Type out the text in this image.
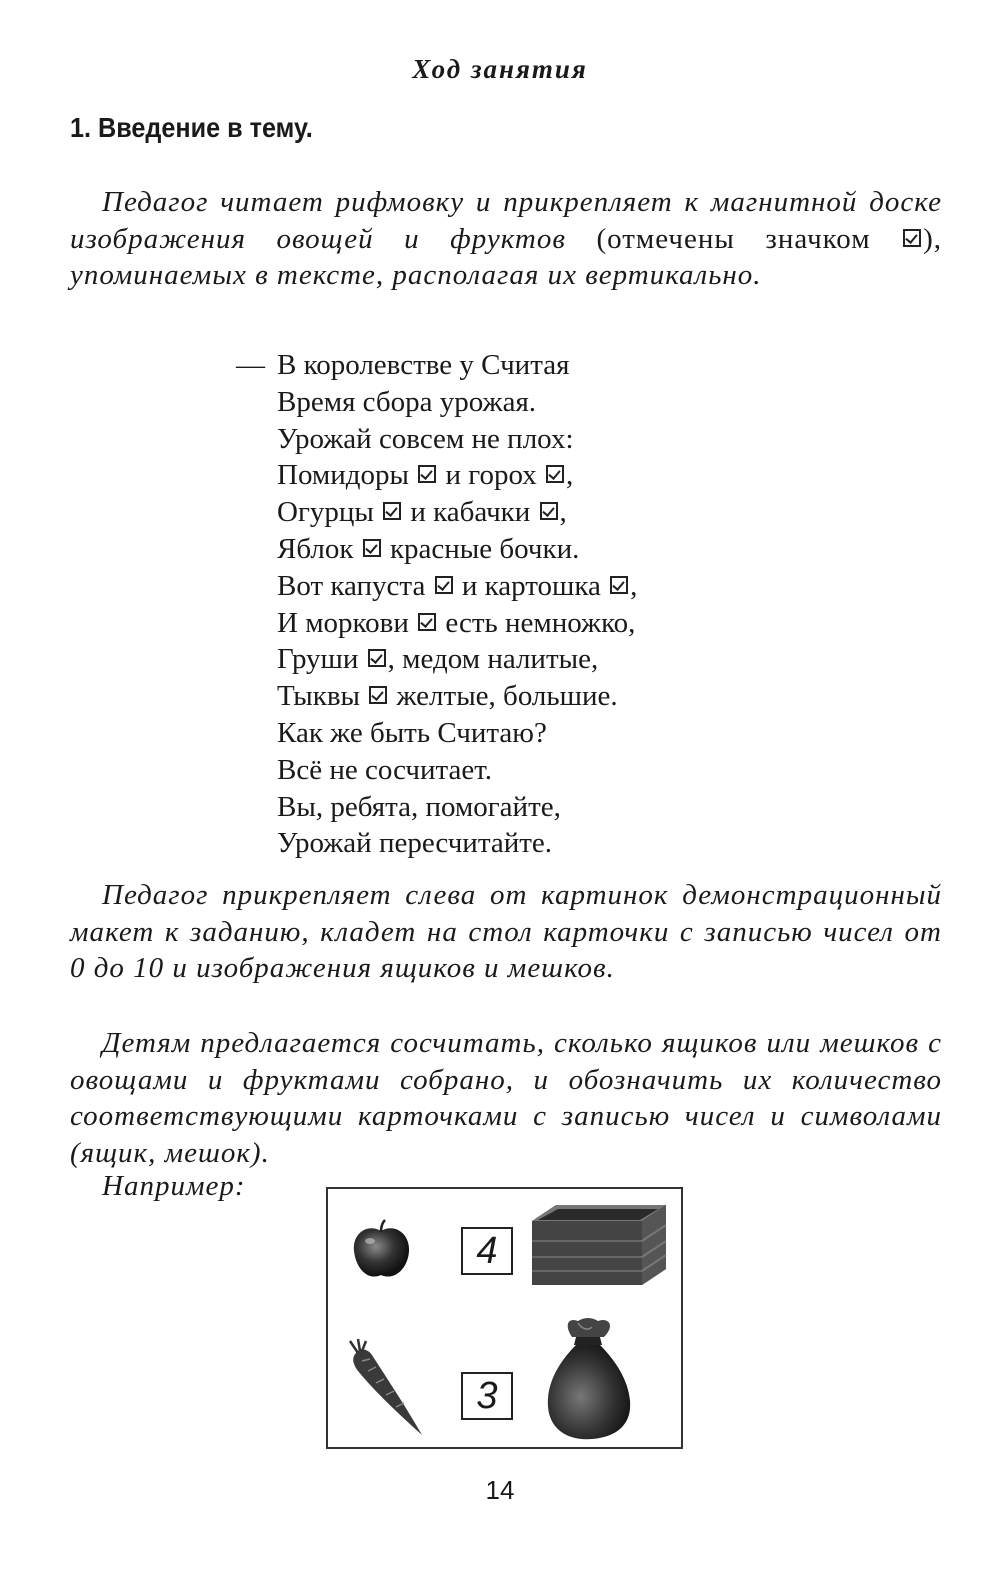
Ход занятия
1. Введение в тему.

Педагог читает рифмовку и прикрепляет к магнитной доске изображения овощей и фруктов (отмечены значком ), упоминаемых в тексте, располагая их вертикально.

— В королевстве у Считая
Время сбора урожая.
Урожай совсем не плох:
Помидоры  и горох ,
Огурцы  и кабачки ,
Яблок  красные бочки.
Вот капуста  и картошка ,
И моркови  есть немножко,
Груши , медом налитые,
Тыквы  желтые, большие.
Как же быть Считаю?
Всё не сосчитает.
Вы, ребята, помогайте,
Урожай пересчитайте.

Педагог прикрепляет слева от картинок демонстрационный макет к заданию, кладет на стол карточки с записью чисел от 0 до 10 и изображения ящиков и мешков.

Детям предлагается сосчитать, сколько ящиков или мешков с овощами и фруктами собрано, и обозначить их количество соответствующими карточками с записью чисел и символами (ящик, мешок).

Например:
4
3
14
